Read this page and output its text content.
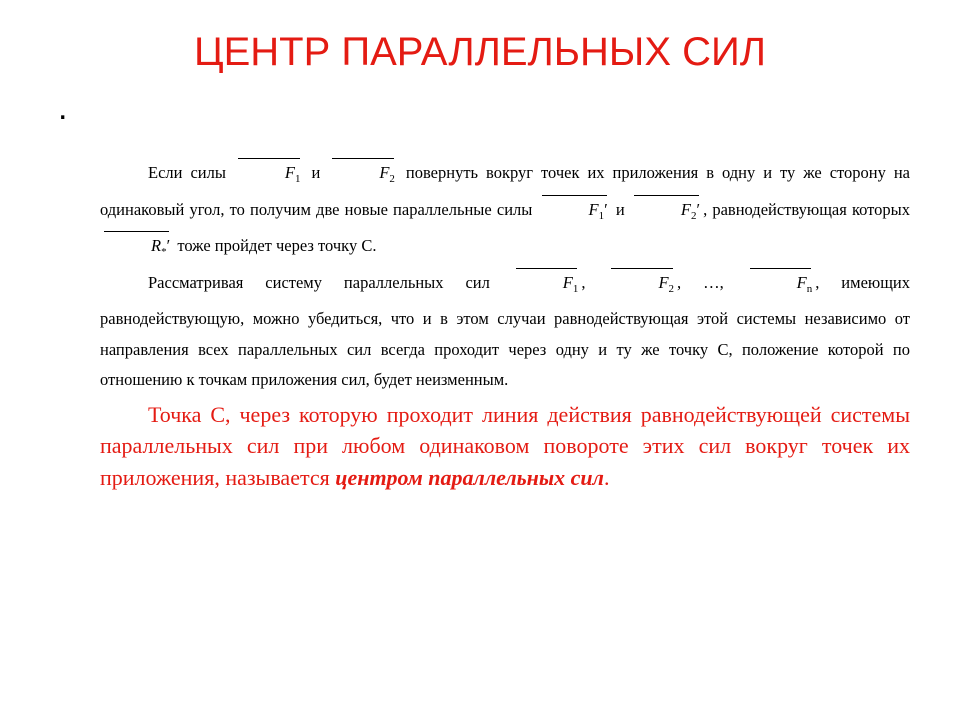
ЦЕНТР ПАРАЛЛЕЛЬНЫХ СИЛ
.

Если силы	$F_1$ и	$F_2$ повернуть вокруг точек их приложения в одну и ту же сторону на одинаковый угол, то получим две новые параллельные силы	$F_1'$ и	$F_2'$ , равнодействующая которых $R_*'$ тоже пройдет через точку С.

Рассматривая систему параллельных сил	$F_1$ ,	$F_2$ , …,	$F_n$ , имеющих равнодействующую, можно убедиться, что и в этом случаи равнодействующая этой системы независимо от направления всех параллельных сил всегда проходит через одну и ту же точку С, положение которой по отношению к точкам приложения сил, будет неизменным.

Точка С, через которую проходит линия действия равнодействующей системы параллельных сил при любом одинаковом повороте этих сил вокруг точек их приложения, называется центром параллельных сил.
